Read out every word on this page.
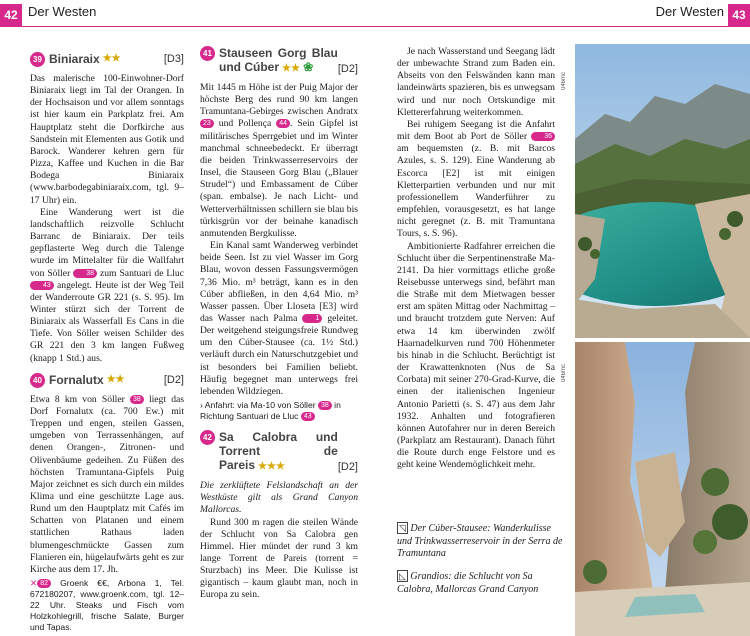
42 Der Westen
39 Biniaraix ★★	[D3]

Das malerische 100-Einwohner-Dorf Biniaraix liegt im Tal der Orangen. In der Hochsaison und vor allem sonntags ist hier kaum ein Parkplatz frei. Am Hauptplatz steht die Dorfkirche aus Sandstein mit Elementen aus Gotik und Barock. Wanderer kehren gern für Pizza, Kaffee und Kuchen in die Bar Bodega Biniaraix (www.barbodegabiniaraix.com, tgl. 9–17 Uhr) ein.

Eine Wanderung wert ist die landschaftlich reizvolle Schlucht Barranc de Biniaraix. Der teils gepflasterte Weg durch die Talenge wurde im Mittelalter für die Wallfahrt von Söller 38 zum Santuari de Lluc 43 angelegt. Heute ist der Weg Teil der Wanderroute GR 221 (s. S. 95). Im Winter stürzt sich der Torrent de Biniaraix als Wasserfall Es Cans in die Tiefe. Von Söller weisen Schilder des GR 221 den 3 km langen Fußweg (knapp 1 Std.) aus.

40 Fornalutx ★★	[D2]

Etwa 8 km von Söller 38 liegt das Dorf Fornalutx (ca. 700 Ew.) mit Treppen und engen, steilen Gassen, umgeben von Terrassenhängen, auf denen Orangen-, Zitronen- und Olivenbäume gedeihen. Zu Füßen des höchsten Tramuntana-Gipfels Puig Major zeichnet es sich durch ein mildes Klima und eine geschützte Lage aus. Rund um den Hauptplatz mit Cafés im Schatten von Platanen und einem stattlichen Rathaus laden blumengeschmückte Gassen zum Flanieren ein, hügelaufwärts geht es zur Kirche aus dem 17. Jh.

✕ 82 Groenk €€, Arbona 1, Tel. 672180207, www.groenk.com, tgl. 12–22 Uhr. Steaks und Fisch vom Holzkohlegrill, frische Salate, Burger und Tapas.

41 Stauseen Gorg Blau und Cúber ★★ ❀	[D2]

Mit 1445 m Höhe ist der Puig Major der höchste Berg des rund 90 km langen Tramuntana-Gebirges zwischen Andratx 23 und Pollença 44 . Sein Gipfel ist militärisches Sperrgebiet und im Winter manchmal schneebedeckt. Er überragt die beiden Trinkwasserreservoirs der Insel, die Stauseen Gorg Blau („Blauer Strudel“) und Embassament de Cúber (span. embalse). Je nach Licht- und Wetterverhältnissen schillern sie blau bis türkisgrün vor der beinahe kanadisch anmutenden Bergkulisse.

Ein Kanal samt Wanderweg verbindet beide Seen. Ist zu viel Wasser im Gorg Blau, wovon dessen Fassungsvermögen 7,36 Mio. m³ beträgt, kann es in den Cúber abfließen, in den 4,64 Mio. m³ Wasser passen. Über Lloseta [E3] wird das Wasser nach Palma	1 geleitet. Der weitgehend steigungsfreie Rundweg um den Cúber-Stausee (ca. 1½ Std.) verläuft durch ein Naturschutzgebiet und ist besonders bei Familien beliebt. Häufig begegnet man unterwegs frei lebenden Wildziegen.

› Anfahrt: via Ma-10 von Söller 38 in Richtung Santuari de Lluc 43

42 Sa Calobra und Torrent de Pareis ★★★	[D2]

Die zerklüftete Felslandschaft an der Westküste gilt als Grand Canyon Mallorcas.

Rund 300 m ragen die steilen Wände der Schlucht von Sa Calobra gen Himmel. Hier mündet der rund 3 km lange Torrent de Pareis (torrent = Sturzbach) ins Meer. Die Kulisse ist gigantisch – kaum glaubt man, noch in Europa zu sein.

Der Westen 43

Je nach Wasserstand und Seegang lädt der unbewachte Strand zum Baden ein. Abseits von den Felswänden kann man landeinwärts spazieren, bis es unwegsam wird und nur noch Ortskundige mit Klettererfahrung weiterkommen.

Bei ruhigem Seegang ist die Anfahrt mit dem Boot ab Port de Söller 36 am bequemsten (z. B. mit Barcos Azules, s. S. 129). Eine Wanderung ab Escorca [E2] ist mit einigen Kletterpartien verbunden und nur mit professionellem Wanderführer zu empfehlen, vorausgesetzt, es hat lange nicht geregnet (z. B. mit Tramuntana Tours, s. S. 96).

Ambitionierte Radfahrer erreichen die Schlucht über die Serpentinenstraße Ma-2141. Da hier vormittags etliche große Reisebusse unterwegs sind, befährt man die Straße mit dem Mietwagen besser erst am späten Mittag oder Nachmittag – und braucht trotzdem gute Nerven: Auf etwa 14 km überwinden zwölf Haarnadelkurven rund 700 Höhenmeter bis hinab in die Schlucht. Berüchtigt ist der Krawattenknoten (Nus de Sa Corbata) mit seiner 270-Grad-Kurve, die einen der italienischen Ingenieur Antonio Parietti (s. S. 47) aus dem Jahr 1932. Anhalten und fotografieren können Autofahrer nur in deren Bereich (Parkplatz am Restaurant). Danach führt die Route durch enge Felstore und es geht keine Wendemöglichkeit mehr.

046mc
046mc
◹ Der Cúber-Stausee: Wanderkulisse und Trinkwasserreservoir in der Serra de Tramuntana
◺ Grandios: die Schlucht von Sa Calobra, Mallorcas Grand Canyon
